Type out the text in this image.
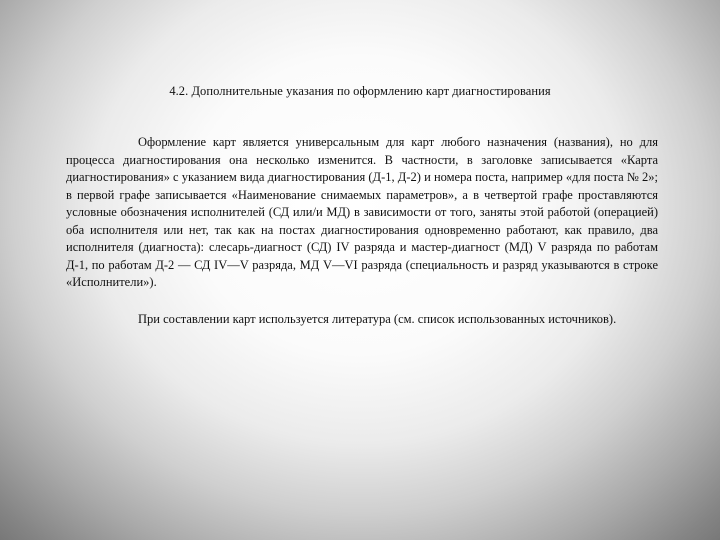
4.2. Дополнительные указания по оформлению карт диагностирования

Оформление карт является универсальным для карт любого назначения (названия), но для процесса диагностирования она несколько изменится. В частности, в заголовке записывается «Карта диагностирования» с указанием вида диагностирования (Д-1, Д-2) и номера поста, например «для поста № 2»; в первой графе записывается «Наименование снимаемых параметров», а в четвертой графе проставляются условные обозначения исполнителей (СД или/и МД) в зависимости от того, заняты этой работой (операцией) оба исполнителя или нет, так как на постах диагностирования одновременно работают, как правило, два исполнителя (диагноста): слесарь-диагност (СД) IV разряда и мастер-диагност (МД) V разряда по работам Д-1, по работам Д-2 — СД IV—V разряда, МД V—VI разряда (специальность и разряд указываются в строке «Исполнители»).

При составлении карт используется литература (см. список использованных источников).
